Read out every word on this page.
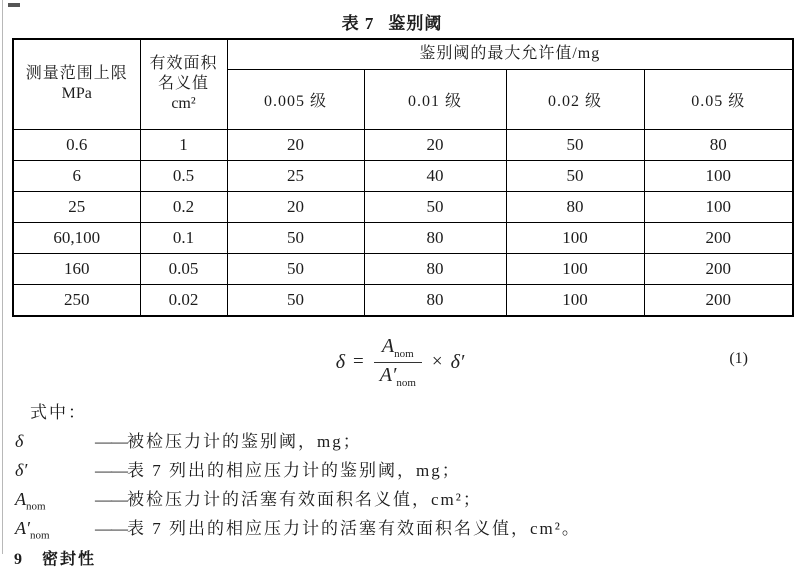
表 7 鉴别阈
测量范围上限
MPa

有效面积
名义值
cm²
	鉴别阈的最大允许值/mg
		0.005 级	0.01 级	0.02 级	0.05 级
0.6	1	20	20	50	80
6	0.5	25	40	50	100
25	0.2	20	50	80	100
60,100	0.1	50	80	100	200
160	0.05	50	80	100	200
250	0.02	50	80	100	200
$\delta = \frac{A_{nom}}{A'_{nom}} \times \delta'$	(1)
式中：
δ	—— 被检压力计的鉴别阈，mg；
δ′	—— 表 7 列出的相应压力计的鉴别阈，mg；
$A_{nom}$	—— 被检压力计的活塞有效面积名义值，cm²；
$A'_{nom}$	—— 表 7 列出的相应压力计的活塞有效面积名义值，cm²。
9　密封性
